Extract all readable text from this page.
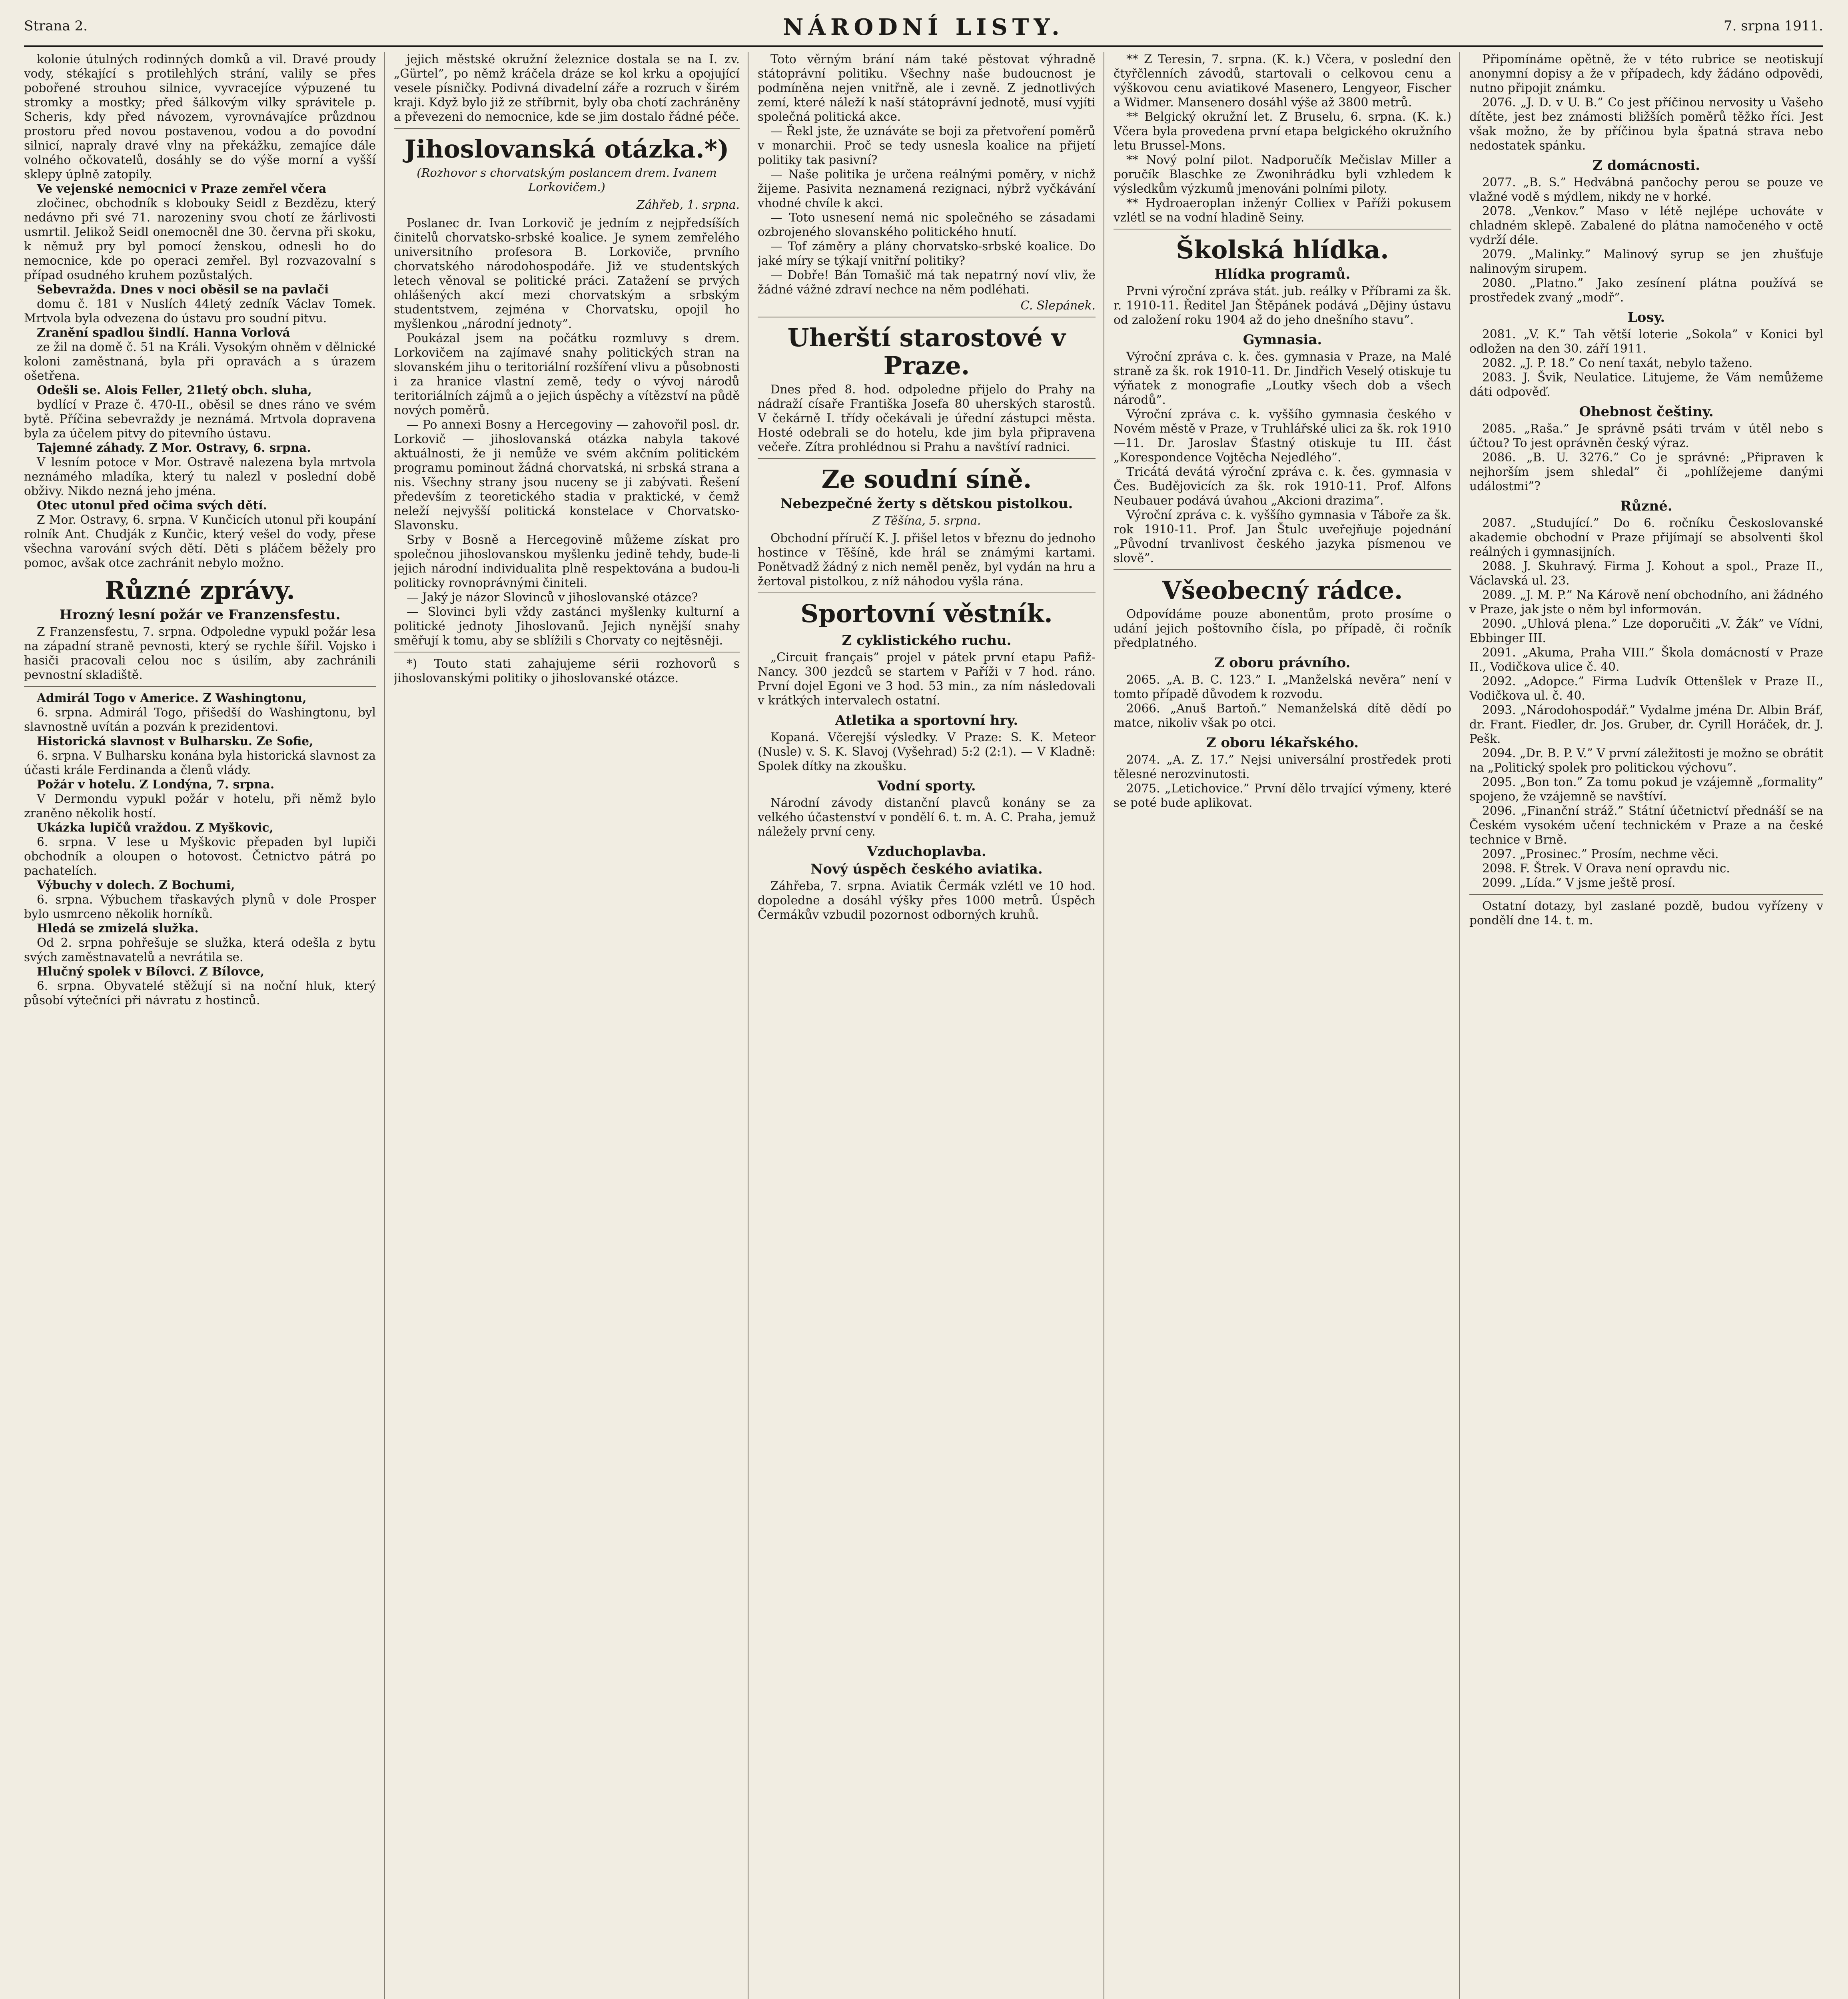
Strana 2.	NÁRODNÍ LISTY.	7. srpna 1911.

kolonie útulných rodinných domků a vil. Dravé proudy vody, stékající s protilehlých strání, valily se přes pobořené strouhou silnice, vyvracejíce výpuzené tu stromky a mostky; před šálkovým vilky správitele p. Scheris, kdy před návozem, vyrovnávajíce průzdnou prostoru před novou postavenou, vodou a do povodní silnicí, napraly dravé vlny na překážku, zemajíce dále volného očkovatelů, dosáhly se do výše morní a vyšší sklepy úplně zatopily.

Ve vejenské nemocnici v Praze zemřel včera

zločinec, obchodník s klobouky Seidl z Bezdězu, který nedávno při své 71. narozeniny svou chotí ze žárlivosti usmrtil. Jelikož Seidl onemocněl dne 30. června při skoku, k němuž pry byl pomocí ženskou, odnesli ho do nemocnice, kde po operaci zemřel. Byl rozvazovalní s případ osudného kruhem pozůstalých.

Sebevražda. Dnes v noci oběsil se na pavlači

domu č. 181 v Nuslích 44letý zedník Václav Tomek. Mrtvola byla odvezena do ústavu pro soudní pitvu.

Zranění spadlou šindlí. Hanna Vorlová

ze žil na domě č. 51 na Králi. Vysokým ohněm v dělnické koloni zaměstnaná, byla při opravách a s úrazem ošetřena.

Odešli se. Alois Feller, 21letý obch. sluha,

bydlící v Praze č. 470-II., oběsil se dnes ráno ve svém bytě. Příčina sebevraždy je neznámá. Mrtvola dopravena byla za účelem pitvy do pitevního ústavu.

Tajemné záhady. Z Mor. Ostravy, 6. srpna.

V lesním potoce v Mor. Ostravě nalezena byla mrtvola neznámého mladíka, který tu nalezl v poslední době obživy. Nikdo nezná jeho jména.

Otec utonul před očima svých dětí.

Z Mor. Ostravy, 6. srpna. V Kunčicích utonul při koupání rolník Ant. Chudják z Kunčic, který vešel do vody, přese všechna varování svých dětí. Děti s pláčem běžely pro pomoc, avšak otce zachránit nebylo možno.

Různé zprávy.
Hrozný lesní požár ve Franzensfestu.

Z Franzensfestu, 7. srpna. Odpoledne vypukl požár lesa na západní straně pevnosti, který se rychle šířil. Vojsko i hasiči pracovali celou noc s úsilím, aby zachránili pevnostní skladiště.

Admirál Togo v Americe. Z Washingtonu,

6. srpna. Admirál Togo, přišedší do Washingtonu, byl slavnostně uvítán a pozván k prezidentovi.

Historická slavnost v Bulharsku. Ze Sofie,

6. srpna. V Bulharsku konána byla historická slavnost za účasti krále Ferdinanda a členů vlády.

Požár v hotelu. Z Londýna, 7. srpna.

V Dermondu vypukl požár v hotelu, při němž bylo zraněno několik hostí.

Ukázka lupičů vraždou. Z Myškovic,

6. srpna. V lese u Myškovic přepaden byl lupiči obchodník a oloupen o hotovost. Četnictvo pátrá po pachatelích.

Výbuchy v dolech. Z Bochumi,

6. srpna. Výbuchem třaskavých plynů v dole Prosper bylo usmrceno několik horníků.

Hledá se zmizelá služka.

Od 2. srpna pohřešuje se služka, která odešla z bytu svých zaměstnavatelů a nevrátila se.

Hlučný spolek v Bílovci. Z Bílovce,

6. srpna. Obyvatelé stěžují si na noční hluk, který působí výtečníci při návratu z hostinců.

jejich městské okružní železnice dostala se na I. zv. „Gürtel”, po němž kráčela dráze se kol krku a opojující vesele písničky. Podivná divadelní záře a rozruch v širém kraji. Když bylo již ze stříbrnit, byly oba chotí zachráněny a převezeni do nemocnice, kde se jim dostalo řádné péče.

Jihoslovanská otázka.*)
(Rozhovor s chorvatským poslancem drem. Ivanem Lorkovičem.)
Záhřeb, 1. srpna.

Poslanec dr. Ivan Lorkovič je jedním z nejpředsíších činitelů chorvatsko-srbské koalice. Je synem zemřelého universitního profesora B. Lorkoviče, prvního chorvatského národohospodáře. Již ve studentských letech věnoval se politické práci. Zatažení se prvých ohlášených akcí mezi chorvatským a srbským studentstvem, zejména v Chorvatsku, opojil ho myšlenkou „národní jednoty”.

Poukázal jsem na počátku rozmluvy s drem. Lorkovičem na zajímavé snahy politických stran na slovanském jihu o teritoriální rozšíření vlivu a působnosti i za hranice vlastní země, tedy o vývoj národů teritoriálních zájmů a o jejich úspěchy a vítězství na půdě nových poměrů.

— Po annexi Bosny a Hercegoviny — zahovořil posl. dr. Lorkovič — jihoslovanská otázka nabyla takové aktuálnosti, že ji nemůže ve svém akčním politickém programu pominout žádná chorvatská, ni srbská strana a nis. Všechny strany jsou nuceny se ji zabývati. Řešení především z teoretického stadia v praktické, v čemž neleží nejvyšší politická konstelace v Chorvatsko-Slavonsku.

Srby v Bosně a Hercegovině můžeme získat pro společnou jihoslovanskou myšlenku jedině tehdy, bude-li jejich národní individualita plně respektována a budou-li politicky rovnoprávnými činiteli.

— Jaký je názor Slovinců v jihoslovanské otázce?

— Slovinci byli vždy zastánci myšlenky kulturní a politické jednoty Jihoslovanů. Jejich nynější snahy směřují k tomu, aby se sblížili s Chorvaty co nejtěsněji.

*) Touto stati zahajujeme sérii rozhovorů s jihoslovanskými politiky o jihoslovanské otázce.

Toto věrným brání nám také pěstovat výhradně státoprávní politiku. Všechny naše budoucnost je podmíněna nejen vnitřně, ale i zevně. Z jednotlivých zemí, které náleží k naší státoprávní jednotě, musí vyjíti společná politická akce.

— Řekl jste, že uznáváte se boji za přetvoření poměrů v monarchii. Proč se tedy usnesla koalice na přijetí politiky tak pasivní?

— Naše politika je určena reálnými poměry, v nichž žijeme. Pasivita neznamená rezignaci, nýbrž vyčkávání vhodné chvíle k akci.

— Toto usnesení nemá nic společného se zásadami ozbrojeného slovanského politického hnutí.

— Tof záměry a plány chorvatsko-srbské koalice. Do jaké míry se týkají vnitřní politiky?

— Dobře! Bán Tomašič má tak nepatrný noví vliv, že žádné vážné zdraví nechce na něm podléhati.

C. Slepánek.
Uherští starostové v Praze.

Dnes před 8. hod. odpoledne přijelo do Prahy na nádraží císaře Františka Josefa 80 uherských starostů. V čekárně I. třídy očekávali je úřední zástupci města. Hosté odebrali se do hotelu, kde jim byla připravena večeře. Zítra prohlédnou si Prahu a navštíví radnici.

Ze soudní síně.
Nebezpečné žerty s dětskou pistolkou.
Z Těšína, 5. srpna.

Obchodní příručí K. J. přišel letos v březnu do jednoho hostince v Těšíně, kde hrál se známými kartami. Ponětvadž žádný z nich neměl peněz, byl vydán na hru a žertoval pistolkou, z níž náhodou vyšla rána.

Sportovní věstník.
Z cyklistického ruchu.

„Circuit français” projel v pátek první etapu Pafiž-Nancy. 300 jezdců se startem v Paříži v 7 hod. ráno. První dojel Egoni ve 3 hod. 53 min., za ním následovali v krátkých intervalech ostatní.

Atletika a sportovní hry.

Kopaná. Včerejší výsledky. V Praze: S. K. Meteor (Nusle) v. S. K. Slavoj (Vyšehrad) 5:2 (2:1). — V Kladně: Spolek dítky na zkoušku.

Vodní sporty.

Národní závody distanční plavců konány se za velkého účastenství v pondělí 6. t. m. A. C. Praha, jemuž náležely první ceny.

Vzduchoplavba.
Nový úspěch českého aviatika.

Záhřeba, 7. srpna. Aviatik Čermák vzlétl ve 10 hod. dopoledne a dosáhl výšky přes 1000 metrů. Úspěch Čermákův vzbudil pozornost odborných kruhů.

** Z Teresin, 7. srpna. (K. k.) Včera, v poslední den čtyřčlenních závodů, startovali o celkovou cenu a výškovou cenu aviatikové Masenero, Lengyeor, Fischer a Widmer. Mansenero dosáhl výše až 3800 metrů.

** Belgický okružní let. Z Bruselu, 6. srpna. (K. k.) Včera byla provedena první etapa belgického okružního letu Brussel-Mons.

** Nový polní pilot. Nadporučík Mečislav Miller a poručík Blaschke ze Zwonihrádku byli vzhledem k výsledkům výzkumů jmenováni polními piloty.

** Hydroaeroplan inženýr Colliex v Paříži pokusem vzlétl se na vodní hladině Seiny.

Školská hlídka.
Hlídka programů.

Prvni výroční zpráva stát. jub. reálky v Příbrami za šk. r. 1910-11. Ředitel Jan Štěpánek podává „Dějiny ústavu od založení roku 1904 až do jeho dnešního stavu”.

Gymnasia.

Výroční zpráva c. k. čes. gymnasia v Praze, na Malé straně za šk. rok 1910-11. Dr. Jindřich Veselý otiskuje tu výňatek z monografie „Loutky všech dob a všech národů”.

Výroční zpráva c. k. vyššího gymnasia českého v Novém městě v Praze, v Truhlářské ulici za šk. rok 1910—11. Dr. Jaroslav Šťastný otiskuje tu III. část „Korespondence Vojtěcha Nejedlého”.

Tricátá devátá výroční zpráva c. k. čes. gymnasia v Čes. Budějovicích za šk. rok 1910-11. Prof. Alfons Neubauer podává úvahou „Akcioni drazima”.

Výroční zpráva c. k. vyššího gymnasia v Táboře za šk. rok 1910-11. Prof. Jan Štulc uveřejňuje pojednání „Původní trvanlivost českého jazyka písmenou ve slově”.

Všeobecný rádce.

Odpovídáme pouze abonentům, proto prosíme o udání jejich poštovního čísla, po případě, či ročník předplatného.

Z oboru právního.

2065. „A. B. C. 123.” I. „Manželská nevěra” není v tomto případě důvodem k rozvodu.

2066. „Anuš Bartoň.” Nemanželská dítě dědí po matce, nikoliv však po otci.

Z oboru lékařského.

2074. „A. Z. 17.” Nejsi universální prostředek proti tělesné nerozvinutosti.

2075. „Letichovice.” První dělo trvající výmeny, které se poté bude aplikovat.

Připomínáme opětně, že v této rubrice se neotiskují anonymní dopisy a že v případech, kdy žádáno odpovědi, nutno připojit známku.

2076. „J. D. v U. B.” Co jest příčinou nervosity u Vašeho dítěte, jest bez známosti bližších poměrů těžko říci. Jest však možno, že by příčinou byla špatná strava nebo nedostatek spánku.

Z domácnosti.

2077. „B. S.” Hedvábná pančochy perou se pouze ve vlažné vodě s mýdlem, nikdy ne v horké.

2078. „Venkov.” Maso v létě nejlépe uchováte v chladném sklepě. Zabalené do plátna namočeného v octě vydrží déle.

2079. „Malinky.” Malinový syrup se jen zhušťuje nalinovým sirupem.

2080. „Platno.” Jako zesínení plátna používá se prostředek zvaný „modř”.

Losy.

2081. „V. K.” Tah větší loterie „Sokola” v Konici byl odložen na den 30. září 1911.

2082. „J. P. 18.” Co není taxát, nebylo taženo.

2083. J. Švik, Neulatice. Litujeme, že Vám nemůžeme dáti odpověď.

Ohebnost češtiny.

2085. „Raša.” Je správně psáti trvám v útěl nebo s účtou? To jest oprávněn český výraz.

2086. „B. U. 3276.” Co je správné: „Připraven k nejhorším jsem shledal” či „pohlížejeme danými událostmi”?

Různé.

2087. „Studující.” Do 6. ročníku Českoslovanské akademie obchodní v Praze přijímají se absolventi škol reálných i gymnasijních.

2088. J. Skuhravý. Firma J. Kohout a spol., Praze II., Václavská ul. 23.

2089. „J. M. P.” Na Kárově není obchodního, ani žádného v Praze, jak jste o něm byl informován.

2090. „Uhlová plena.” Lze doporučiti „V. Žák” ve Vídni, Ebbinger III.

2091. „Akuma, Praha VIII.” Škola domácností v Praze II., Vodičkova ulice č. 40.

2092. „Adopce.” Firma Ludvík Ottenšlek v Praze II., Vodičkova ul. č. 40.

2093. „Národohospodář.” Vydalme jména Dr. Albin Bráf, dr. Frant. Fiedler, dr. Jos. Gruber, dr. Cyrill Horáček, dr. J. Pešk.

2094. „Dr. B. P. V.” V první záležitosti je možno se obrátit na „Politický spolek pro politickou výchovu”.

2095. „Bon ton.” Za tomu pokud je vzájemně „formality” spojeno, že vzájemně se navštíví.

2096. „Finanční stráž.” Státní účetnictví přednáší se na Českém vysokém učení technickém v Praze a na české technice v Brně.

2097. „Prosinec.” Prosím, nechme věci.

2098. F. Štrek. V Orava není opravdu nic.

2099. „Lída.” V jsme ještě prosí.

Ostatní dotazy, byl zaslané pozdě, budou vyřízeny v pondělí dne 14. t. m.
